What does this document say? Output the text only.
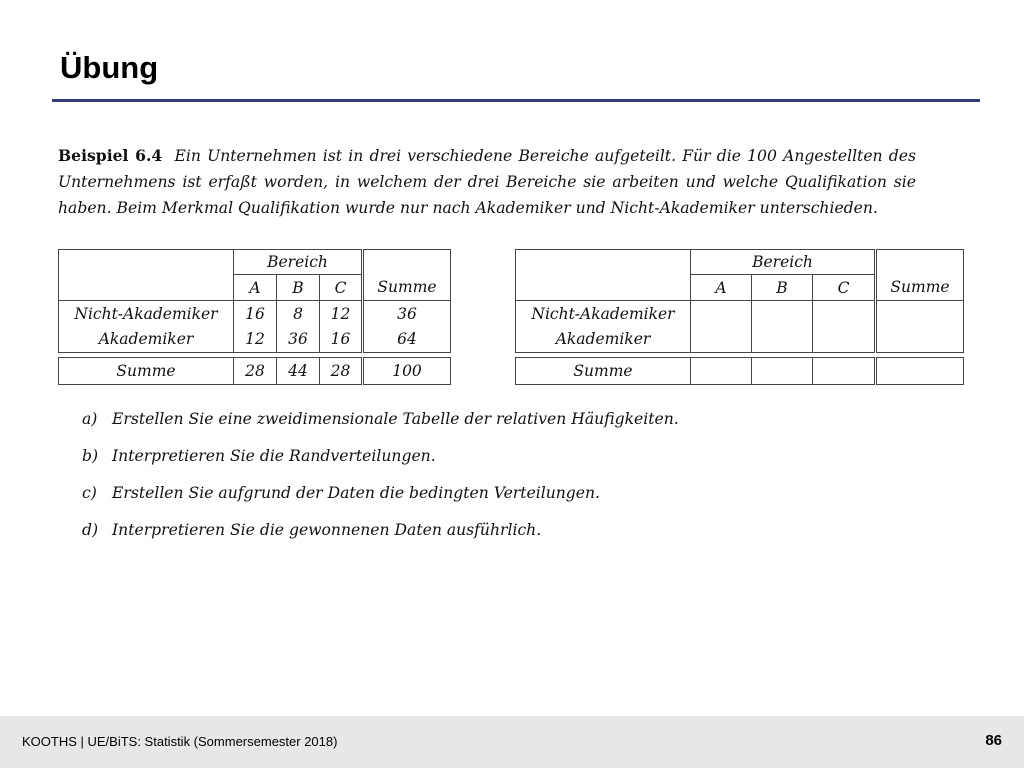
Übung

Beispiel 6.4 Ein Unternehmen ist in drei verschiedene Bereiche aufgeteilt. Für die 100 Angestellten des Unternehmens ist erfaßt worden, in welchem der drei Bereiche sie arbeiten und welche Qualifikation sie haben. Beim Merkmal Qualifikation wurde nur nach Akademiker und Nicht-Akademiker unterschieden.

	Bereich			
	A	B	C	Summe
Nicht-Akademiker	16	8	12	36
Akademiker	12	36	16	64
Summe	28	44	28	100
	Bereich			
	A	B	C	Summe
Nicht-Akademiker				
Akademiker				
Summe				
a) Erstellen Sie eine zweidimensionale Tabelle der relativen Häufigkeiten.
b) Interpretieren Sie die Randverteilungen.
c) Erstellen Sie aufgrund der Daten die bedingten Verteilungen.
d) Interpretieren Sie die gewonnenen Daten ausführlich.
KOOTHS | UE/BiTS: Statistik (Sommersemester 2018)	86
